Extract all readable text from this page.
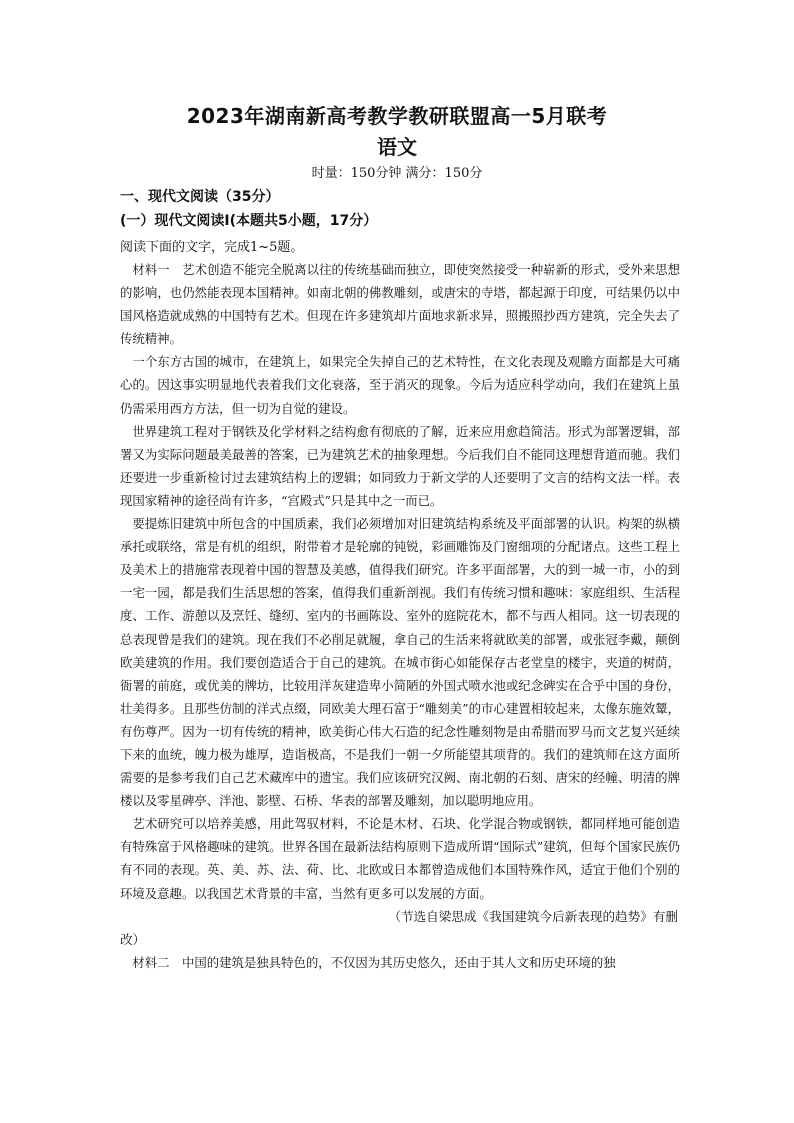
2023年湖南新高考教学教研联盟高一5月联考
语文
时量：150分钟 满分：150分
一、现代文阅读（35分）
(一）现代文阅读Ⅰ(本题共5小题，17分）
阅读下面的文字，完成1~5题。

材料一　艺术创造不能完全脱离以往的传统基础而独立，即使突然接受一种崭新的形式，受外来思想的影响，也仍然能表现本国精神。如南北朝的佛教雕刻，或唐宋的寺塔，都起源于印度，可结果仍以中国风格造就成熟的中国特有艺术。但现在许多建筑却片面地求新求异，照搬照抄西方建筑，完全失去了传统精神。

一个东方古国的城市，在建筑上，如果完全失掉自己的艺术特性，在文化表现及观瞻方面都是大可痛心的。因这事实明显地代表着我们文化衰落，至于消灭的现象。今后为适应科学动向，我们在建筑上虽仍需采用西方方法，但一切为自觉的建设。

世界建筑工程对于钢铁及化学材料之结构愈有彻底的了解，近来应用愈趋简洁。形式为部署逻辑，部署又为实际问题最美最善的答案，已为建筑艺术的抽象理想。今后我们自不能同这理想背道而驰。我们还要进一步重新检讨过去建筑结构上的逻辑；如同致力于新文学的人还要明了文言的结构文法一样。表现国家精神的途径尚有许多，“宫殿式”只是其中之一而已。

要提炼旧建筑中所包含的中国质素，我们必须增加对旧建筑结构系统及平面部署的认识。构架的纵横承托或联络，常是有机的组织，附带着才是轮廓的钝锐，彩画雕饰及门窗细项的分配诸点。这些工程上及美术上的措施常表现着中国的智慧及美感，值得我们研究。许多平面部署，大的到一城一市，小的到一宅一园，都是我们生活思想的答案，值得我们重新剖视。我们有传统习惯和趣味：家庭组织、生活程度、工作、游憩以及烹饪、缝纫、室内的书画陈设、室外的庭院花木，都不与西人相同。这一切表现的总表现曾是我们的建筑。现在我们不必削足就履，拿自己的生活来将就欧美的部署，或张冠李戴，颠倒欧美建筑的作用。我们要创造适合于自己的建筑。在城市街心如能保存古老堂皇的楼宇，夹道的树荫，衙署的前庭，或优美的牌坊，比较用洋灰建造卑小简陋的外国式喷水池或纪念碑实在合乎中国的身份，壮美得多。且那些仿制的洋式点缀，同欧美大理石富于“雕刻美”的市心建置相较起来，太像东施效颦，有伤尊严。因为一切有传统的精神，欧美街心伟大石造的纪念性雕刻物是由希腊而罗马而文艺复兴延续下来的血统，魄力极为雄厚，造诣极高，不是我们一朝一夕所能望其项背的。我们的建筑师在这方面所需要的是参考我们自己艺术藏库中的遗宝。我们应该研究汉阙、南北朝的石刻、唐宋的经幢、明清的牌楼以及零星碑亭、泮池、影壁、石桥、华表的部署及雕刻，加以聪明地应用。

艺术研究可以培养美感，用此驾驭材料，不论是木材、石块、化学混合物或钢铁，都同样地可能创造有特殊富于风格趣味的建筑。世界各国在最新法结构原则下造成所谓“国际式”建筑，但每个国家民族仍有不同的表现。英、美、苏、法、荷、比、北欧或日本都曾造成他们本国特殊作风，适宜于他们个别的环境及意趣。以我国艺术背景的丰富，当然有更多可以发展的方面。

（节选自梁思成《我国建筑今后新表现的趋势》有删

改）

材料二　中国的建筑是独具特色的，不仅因为其历史悠久，还由于其人文和历史环境的独
